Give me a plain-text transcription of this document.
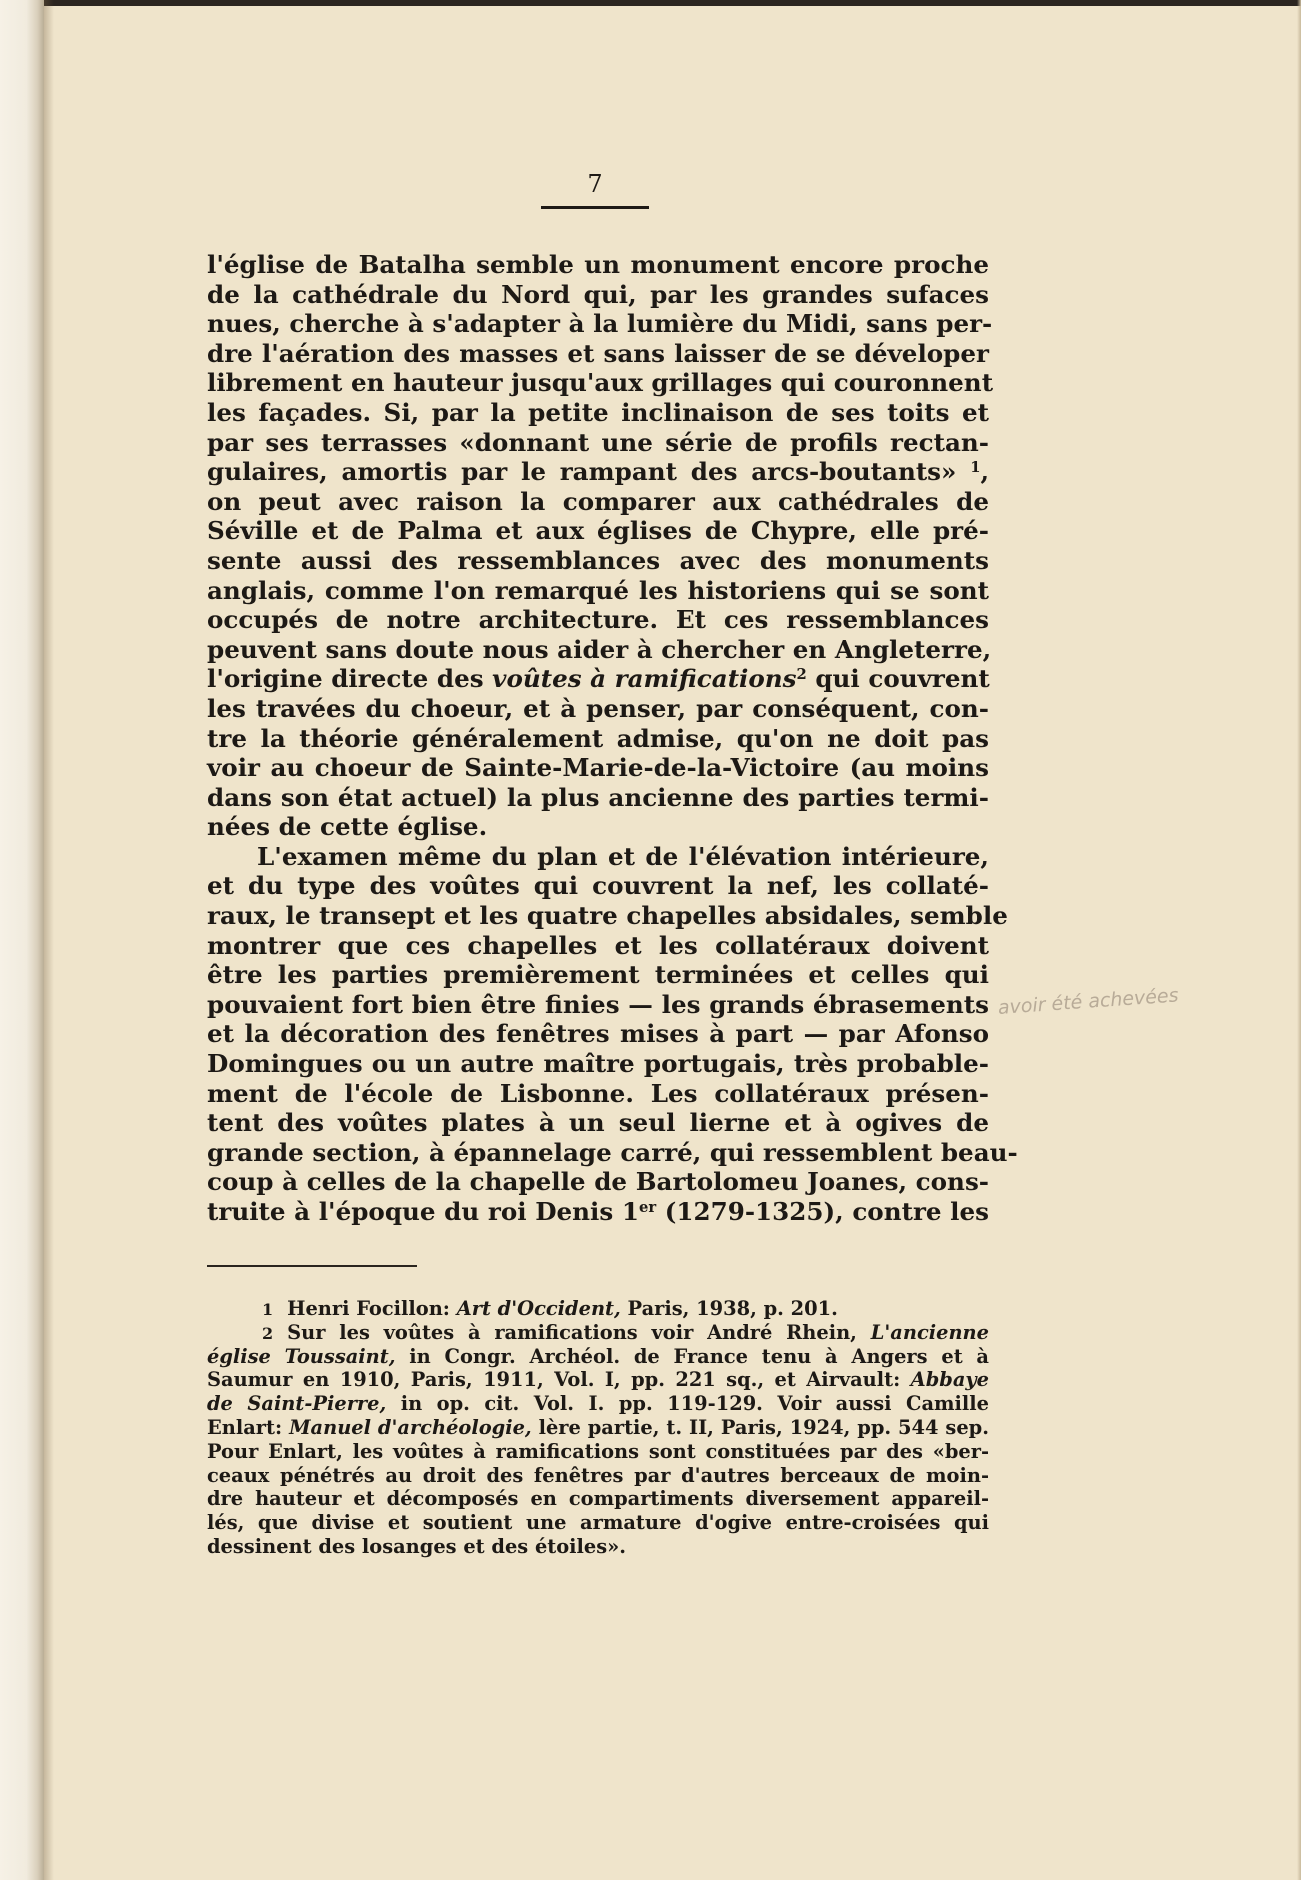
7
l'église de Batalha semble un monument encore proche
de la cathédrale du Nord qui, par les grandes sufaces
nues, cherche à s'adapter à la lumière du Midi, sans per-
dre l'aération des masses et sans laisser de se déveloper
librement en hauteur jusqu'aux grillages qui couronnent
les façades. Si, par la petite inclinaison de ses toits et
par ses terrasses «donnant une série de profils rectan-
gulaires, amortis par le rampant des arcs-boutants» $^1$,
on peut avec raison la comparer aux cathédrales de
Séville et de Palma et aux églises de Chypre, elle pré-
sente aussi des ressemblances avec des monuments
anglais, comme l'on remarqué les historiens qui se sont
occupés de notre architecture. Et ces ressemblances
peuvent sans doute nous aider à chercher en Angleterre,
l'origine directe des voûtes à ramifications$^2$ qui couvrent
les travées du choeur, et à penser, par conséquent, con-
tre la théorie généralement admise, qu'on ne doit pas
voir au choeur de Sainte-Marie-de-la-Victoire (au moins
dans son état actuel) la plus ancienne des parties termi-
nées de cette église.
L'examen même du plan et de l'élévation intérieure,
et du type des voûtes qui couvrent la nef, les collaté-
raux, le transept et les quatre chapelles absidales, semble
montrer que ces chapelles et les collatéraux doivent
être les parties premièrement terminées et celles qui
pouvaient fort bien être finies — les grands ébrasements
et la décoration des fenêtres mises à part — par Afonso
Domingues ou un autre maître portugais, très probable-
ment de l'école de Lisbonne. Les collatéraux présen-
tent des voûtes plates à un seul lierne et à ogives de
grande section, à épannelage carré, qui ressemblent beau-
coup à celles de la chapelle de Bartolomeu Joanes, cons-
truite à l'époque du roi Denis 1er (1279-1325), contre les
avoir été achevées
1 Henri Focillon: Art d'Occident, Paris, 1938, p. 201.
2 Sur les voûtes à ramifications voir André Rhein, L'ancienne
église Toussaint, in Congr. Archéol. de France tenu à Angers et à
Saumur en 1910, Paris, 1911, Vol. I, pp. 221 sq., et Airvault: Abbaye
de Saint-Pierre, in op. cit. Vol. I. pp. 119-129. Voir aussi Camille
Enlart: Manuel d'archéologie, lère partie, t. II, Paris, 1924, pp. 544 sep.
Pour Enlart, les voûtes à ramifications sont constituées par des «ber-
ceaux pénétrés au droit des fenêtres par d'autres berceaux de moin-
dre hauteur et décomposés en compartiments diversement appareil-
lés, que divise et soutient une armature d'ogive entre-croisées qui
dessinent des losanges et des étoiles».
